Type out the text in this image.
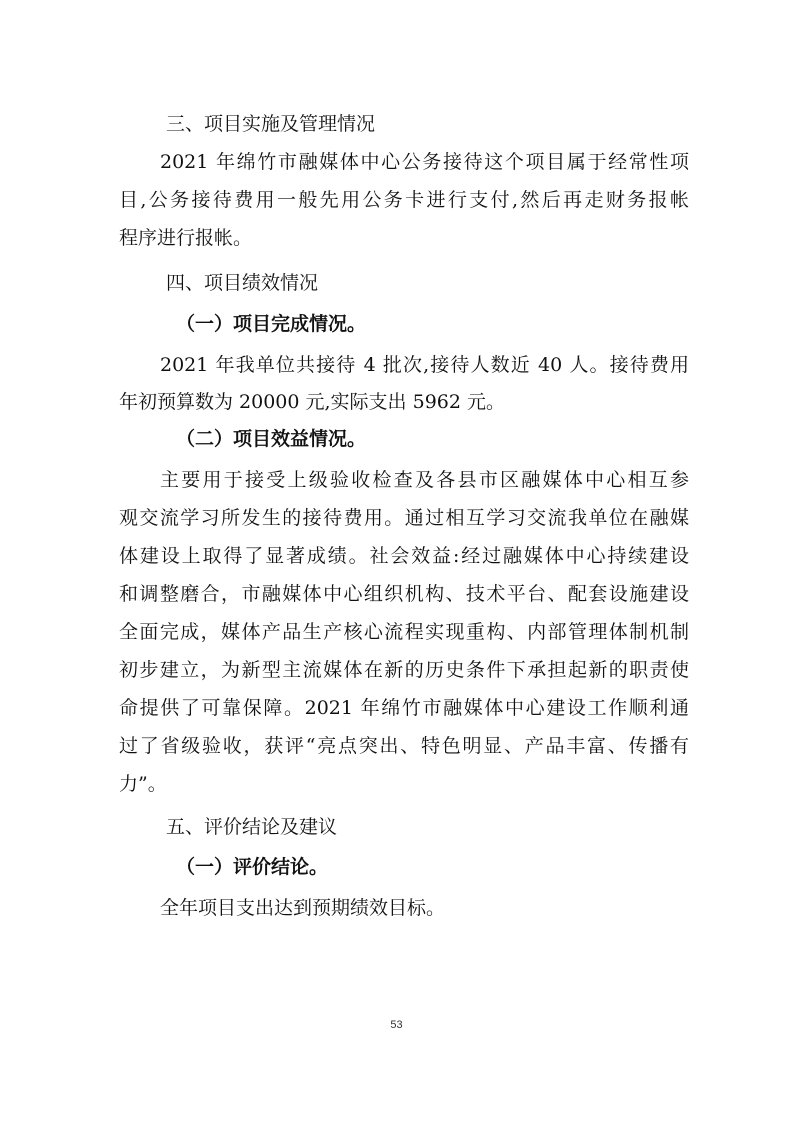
三、项目实施及管理情况

2021 年绵竹市融媒体中心公务接待这个项目属于经常性项

目,公务接待费用一般先用公务卡进行支付,然后再走财务报帐

程序进行报帐。

四、项目绩效情况

（一）项目完成情况。

2021 年我单位共接待 4 批次,接待人数近 40 人。接待费用

年初预算数为 20000 元,实际支出 5962 元。

（二）项目效益情况。

主要用于接受上级验收检查及各县市区融媒体中心相互参

观交流学习所发生的接待费用。通过相互学习交流我单位在融媒

体建设上取得了显著成绩。社会效益:经过融媒体中心持续建设

和调整磨合，市融媒体中心组织机构、技术平台、配套设施建设

全面完成，媒体产品生产核心流程实现重构、内部管理体制机制

初步建立，为新型主流媒体在新的历史条件下承担起新的职责使

命提供了可靠保障。2021 年绵竹市融媒体中心建设工作顺利通

过了省级验收，获评“亮点突出、特色明显、产品丰富、传播有

力”。

五、评价结论及建议

（一）评价结论。

全年项目支出达到预期绩效目标。

53
